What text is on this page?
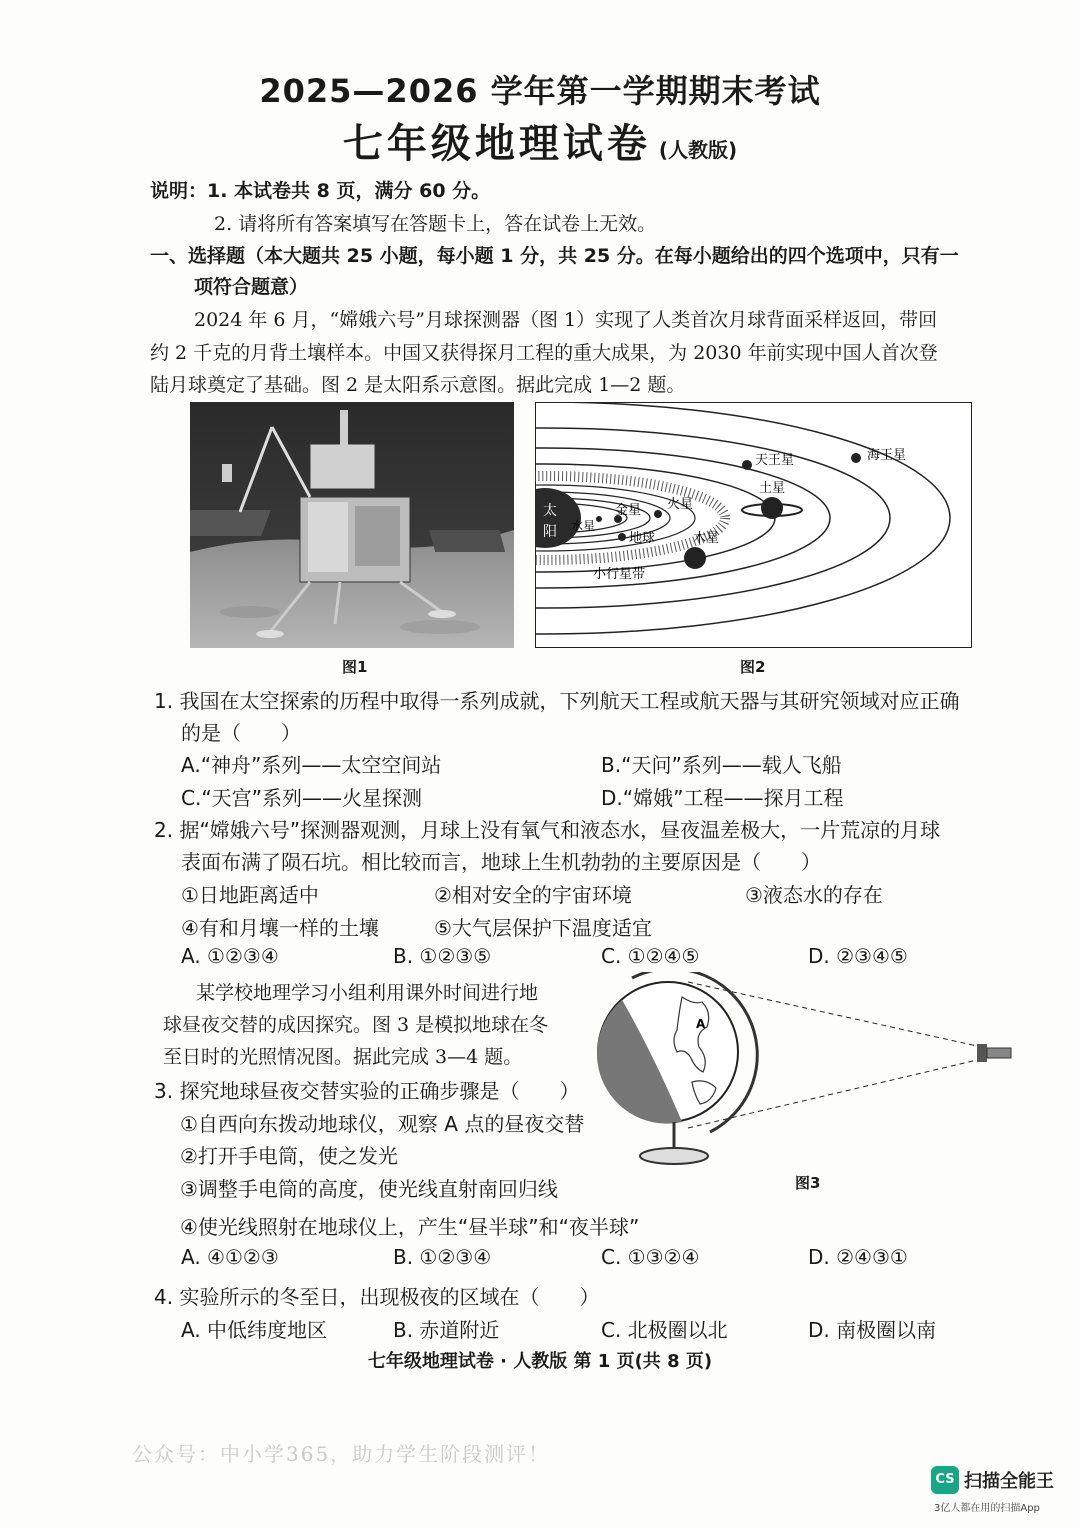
2025—2026 学年第一学期期末考试
七年级地理试卷 (人教版)
说明：1. 本试卷共 8 页，满分 60 分。
2. 请将所有答案填写在答题卡上，答在试卷上无效。
一、选择题（本大题共 25 小题，每小题 1 分，共 25 分。在每小题给出的四个选项中，只有一
项符合题意）
2024 年 6 月，“嫦娥六号”月球探测器（图 1）实现了人类首次月球背面采样返回，带回
约 2 千克的月背土壤样本。中国又获得探月工程的重大成果，为 2030 年前实现中国人首次登
陆月球奠定了基础。图 2 是太阳系示意图。据此完成 1—2 题。
图1
太
阳 水星
金星
地球
火星
小行星带
木星
土星
天王星	海王星
图2
1. 我国在太空探索的历程中取得一系列成就，下列航天工程或航天器与其研究领域对应正确
的是（　　）
A.“神舟”系列——太空空间站	B.“天问”系列——载人飞船
C.“天宫”系列——火星探测	D.“嫦娥”工程——探月工程
2. 据“嫦娥六号”探测器观测，月球上没有氧气和液态水，昼夜温差极大，一片荒凉的月球
表面布满了陨石坑。相比较而言，地球上生机勃勃的主要原因是（　　）
①日地距离适中	②相对安全的宇宙环境	③液态水的存在
④有和月壤一样的土壤	⑤大气层保护下温度适宜
A. ①②③④	B. ①②③⑤	C. ①②④⑤	D. ②③④⑤
某学校地理学习小组利用课外时间进行地
球昼夜交替的成因探究。图 3 是模拟地球在冬
至日时的光照情况图。据此完成 3—4 题。
A
图3
3. 探究地球昼夜交替实验的正确步骤是（　　）
①自西向东拨动地球仪，观察 A 点的昼夜交替
②打开手电筒，使之发光
③调整手电筒的高度，使光线直射南回归线
④使光线照射在地球仪上，产生“昼半球”和“夜半球”
A. ④①②③	B. ①②③④	C. ①③②④	D. ②④③①
4. 实验所示的冬至日，出现极夜的区域在（　　）
A. 中低纬度地区	B. 赤道附近	C. 北极圈以北	D. 南极圈以南
七年级地理试卷 · 人教版 第 1 页(共 8 页)
公众号：中小学365，助力学生阶段测评！
CS 扫描全能王
3亿人都在用的扫描App
